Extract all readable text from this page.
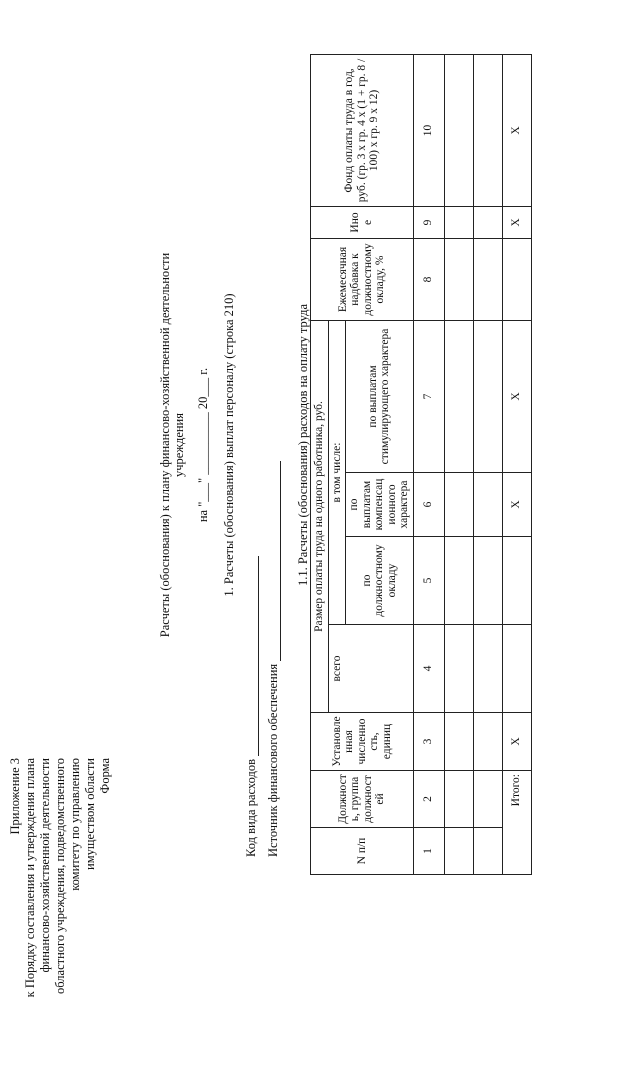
Приложение 3 к Порядку составления и утверждения плана финансово-хозяйственной деятельности областного учреждения, подведомственного комитету по управлению имуществом области Форма
Расчеты (обоснования) к плану финансово-хозяйственной деятельности учреждения на "___" __________ 20___ г. 1. Расчеты (обоснования) выплат персоналу (строка 210)
Код вида расходов Источник финансового обеспечения
1.1. Расчеты (обоснования) расходов на оплату труда
N п/п	Должность, группа должностей	Установленная численность, единиц	Размер оплаты труда на одного работника, руб.				Ежемесячная надбавка к должностному окладу, %	Иное	Фонд оплаты труда в год, руб. (гр. 3 х гр. 4 х (1 + гр. 8 / 100) х гр. 9 х 12)
			всего	в том числе:					
				по должностному окладу	по выплатам компенсационного характера	по выплатам стимулирующего характера			
1	2	3	4	5	6	7	8	9	10

Итого:		X			X	X		X	X
